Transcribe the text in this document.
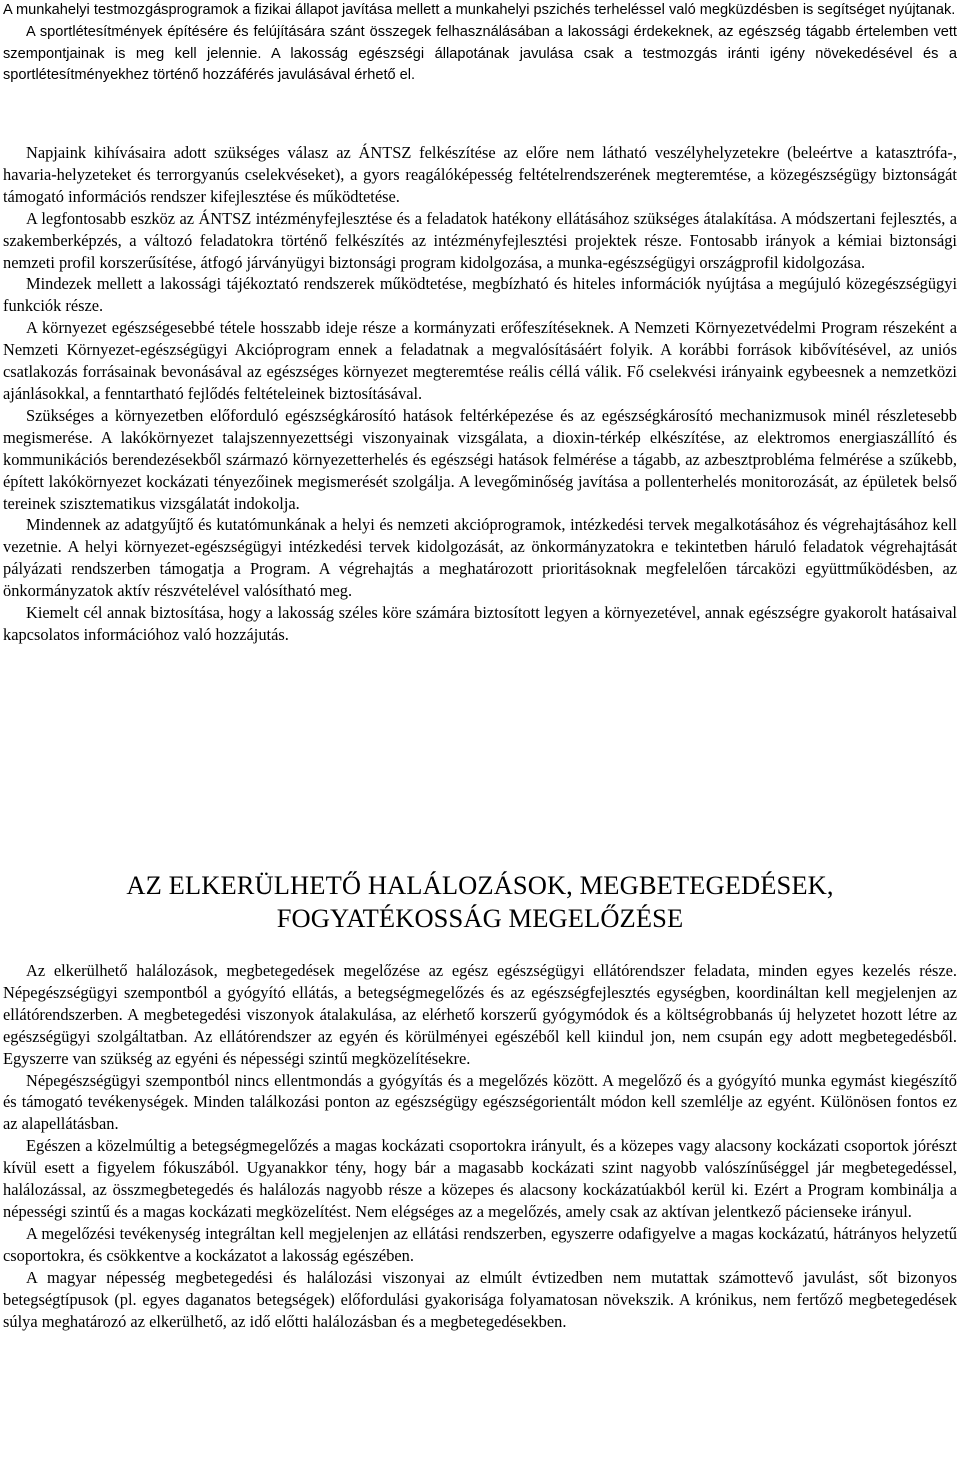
A munkahelyi testmozgásprogramok a fizikai állapot javítása mellett a munkahelyi pszichés terheléssel való megküzdésben is segítséget nyújtanak.

A sportlétesítmények építésére és felújítására szánt összegek felhasználásában a lakossági érdekeknek, az egészség tágabb értelemben vett szempontjainak is meg kell jelennie. A lakosság egészségi állapotának javulása csak a testmozgás iránti igény növekedésével és a sportlétesítményekhez történő hozzáférés javulásával érhető el.

Napjaink kihívásaira adott szükséges válasz az ÁNTSZ felkészítése az előre nem látható veszélyhelyzetekre (beleértve a katasztrófa-, havaria-helyzeteket és terrorgyanús cselekvéseket), a gyors reagálóképesség feltételrendszerének megteremtése, a közegészségügy biztonságát támogató információs rendszer kifejlesztése és működtetése.

A legfontosabb eszköz az ÁNTSZ intézményfejlesztése és a feladatok hatékony ellátásához szükséges átalakítása. A módszertani fejlesztés, a szakemberképzés, a változó feladatokra történő felkészítés az intézményfejlesztési projektek része. Fontosabb irányok a kémiai biztonsági nemzeti profil korszerűsítése, átfogó járványügyi biztonsági program kidolgozása, a munka-egészségügyi országprofil kidolgozása.

Mindezek mellett a lakossági tájékoztató rendszerek működtetése, megbízható és hiteles információk nyújtása a megújuló közegészségügyi funkciók része.

A környezet egészségesebbé tétele hosszabb ideje része a kormányzati erőfeszítéseknek. A Nemzeti Környezetvédelmi Program részeként a Nemzeti Környezet-egészségügyi Akcióprogram ennek a feladatnak a megvalósításáért folyik. A korábbi források kibővítésével, az uniós csatlakozás forrásainak bevonásával az egészséges környezet megteremtése reális céllá válik. Fő cselekvési irányaink egybeesnek a nemzetközi ajánlásokkal, a fenntartható fejlődés feltételeinek biztosításával.

Szükséges a környezetben előforduló egészségkárosító hatások feltérképezése és az egészségkárosító mechanizmusok minél részletesebb megismerése. A lakókörnyezet talajszennyezettségi viszonyainak vizsgálata, a dioxin-térkép elkészítése, az elektromos energiaszállító és kommunikációs berendezésekből származó környezetterhelés és egészségi hatások felmérése a tágabb, az azbesztprobléma felmérése a szűkebb, épített lakókörnyezet kockázati tényezőinek megismerését szolgálja. A levegőminőség javítása a pollenterhelés monitorozását, az épületek belső tereinek szisztematikus vizsgálatát indokolja.

Mindennek az adatgyűjtő és kutatómunkának a helyi és nemzeti akcióprogramok, intézkedési tervek megalkotásához és végrehajtásához kell vezetnie. A helyi környezet-egészségügyi intézkedési tervek kidolgozását, az önkormányzatokra e tekintetben háruló feladatok végrehajtását pályázati rendszerben támogatja a Program. A végrehajtás a meghatározott prioritásoknak megfelelően tárcaközi együttműködésben, az önkormányzatok aktív részvételével valósítható meg.

Kiemelt cél annak biztosítása, hogy a lakosság széles köre számára biztosított legyen a környezetével, annak egészségre gyakorolt hatásaival kapcsolatos információhoz való hozzájutás.

AZ ELKERÜLHETŐ HALÁLOZÁSOK, MEGBETEGEDÉSEK,
FOGYATÉKOSSÁG MEGELŐZÉSE

Az elkerülhető halálozások, megbetegedések megelőzése az egész egészségügyi ellátórendszer feladata, minden egyes kezelés része. Népegészségügyi szempontból a gyógyító ellátás, a betegségmegelőzés és az egészségfejlesztés egységben, koordináltan kell megjelenjen az ellátórendszerben. A megbetegedési viszonyok átalakulása, az elérhető korszerű gyógymódok és a költségrobbanás új helyzetet hozott létre az egészségügyi szolgáltatban. Az ellátórendszer az egyén és körülményei egészéből kell kiindul jon, nem csupán egy adott megbetegedésből. Egyszerre van szükség az egyéni és népességi szintű megközelítésekre.

Népegészségügyi szempontból nincs ellentmondás a gyógyítás és a megelőzés között. A megelőző és a gyógyító munka egymást kiegészítő és támogató tevékenységek. Minden találkozási ponton az egészségügy egészségorientált módon kell szemlélje az egyént. Különösen fontos ez az alapellátásban.

Egészen a közelmúltig a betegségmegelőzés a magas kockázati csoportokra irányult, és a közepes vagy alacsony kockázati csoportok jórészt kívül esett a figyelem fókuszából. Ugyanakkor tény, hogy bár a magasabb kockázati szint nagyobb valószínűséggel jár megbetegedéssel, halálozással, az összmegbetegedés és halálozás nagyobb része a közepes és alacsony kockázatúakból kerül ki. Ezért a Program kombinálja a népességi szintű és a magas kockázati megközelítést. Nem elégséges az a megelőzés, amely csak az aktívan jelentkező pácienseke irányul.

A megelőzési tevékenység integráltan kell megjelenjen az ellátási rendszerben, egyszerre odafigyelve a magas kockázatú, hátrányos helyzetű csoportokra, és csökkentve a kockázatot a lakosság egészében.

A magyar népesség megbetegedési és halálozási viszonyai az elmúlt évtizedben nem mutattak számottevő javulást, sőt bizonyos betegségtípusok (pl. egyes daganatos betegségek) előfordulási gyakorisága folyamatosan növekszik. A krónikus, nem fertőző megbetegedések súlya meghatározó az elkerülhető, az idő előtti halálozásban és a megbetegedésekben.
